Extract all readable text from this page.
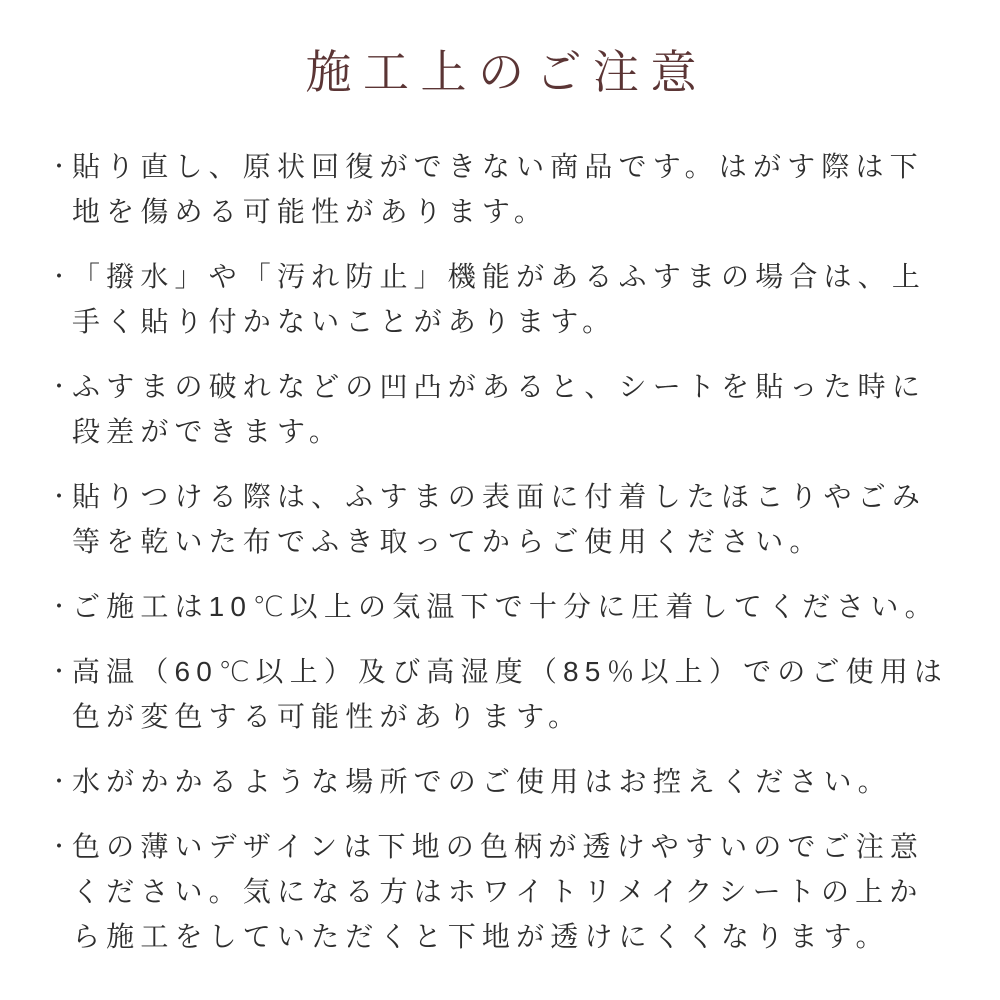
施工上のご注意
・ 貼り直し、原状回復ができない商品です。はがす際は下地を傷める可能性があります。
・ 「撥水」や「汚れ防止」機能があるふすまの場合は、上手く貼り付かないことがあります。
・ ふすまの破れなどの凹凸があると、シートを貼った時に段差ができます。
・ 貼りつける際は、ふすまの表面に付着したほこりやごみ等を乾いた布でふき取ってからご使用ください。
・ ご施工は10℃以上の気温下で十分に圧着してください。
・ 高温（60℃以上）及び高湿度（85％以上）でのご使用は色が変色する可能性があります。
・ 水がかかるような場所でのご使用はお控えください。
・ 色の薄いデザインは下地の色柄が透けやすいのでご注意ください。気になる方はホワイトリメイクシートの上から施工をしていただくと下地が透けにくくなります。
